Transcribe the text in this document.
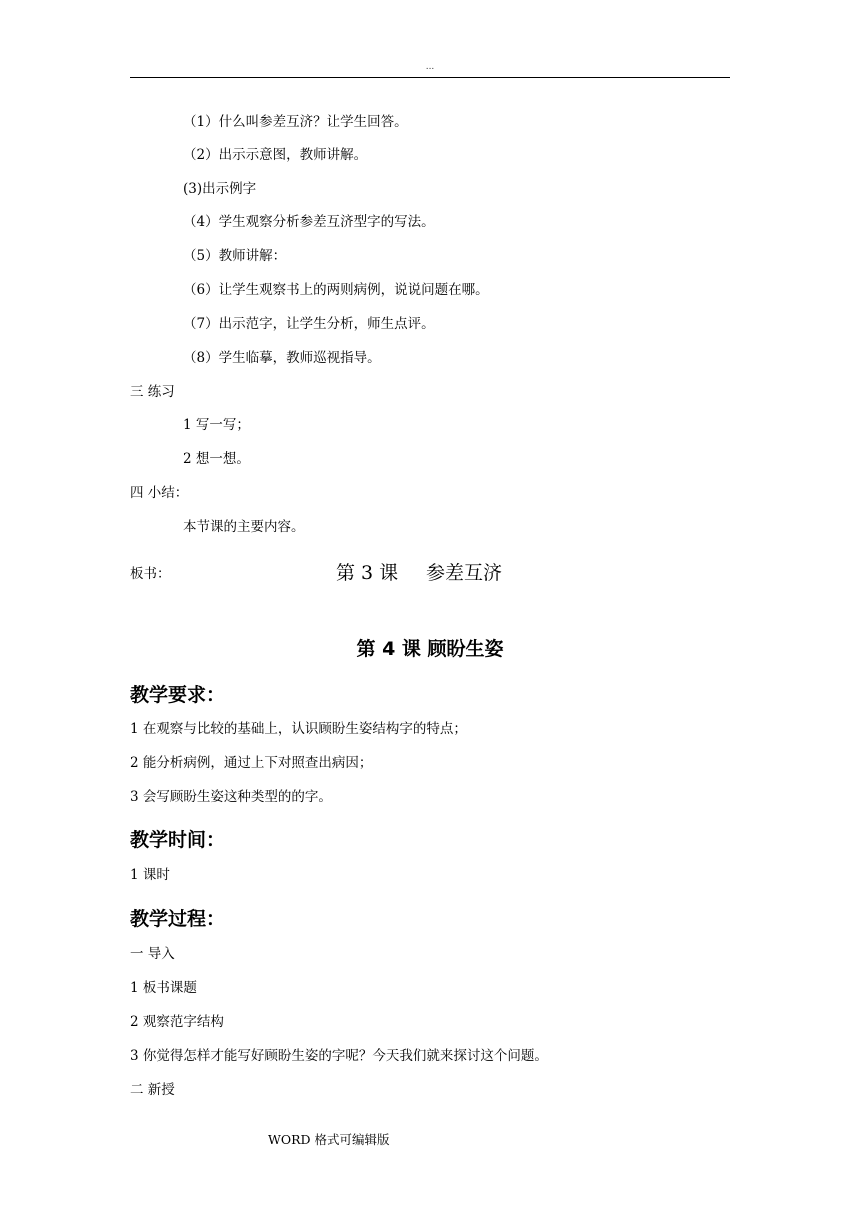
...
（1）什么叫参差互济？让学生回答。
（2）出示示意图，教师讲解。
(3)出示例字
（4）学生观察分析参差互济型字的写法。
（5）教师讲解：
（6）让学生观察书上的两则病例，说说问题在哪。
（7）出示范字，让学生分析，师生点评。
（8）学生临摹，教师巡视指导。
三 练习
1 写一写；
2 想一想。
四 小结：
本节课的主要内容。
板书：	第 3 课 参差互济
第 4 课 顾盼生姿
教学要求：
1 在观察与比较的基础上，认识顾盼生姿结构字的特点；
2 能分析病例，通过上下对照查出病因；
3 会写顾盼生姿这种类型的的字。
教学时间：
1 课时
教学过程：
一 导入
1 板书课题
2 观察范字结构
3 你觉得怎样才能写好顾盼生姿的字呢？今天我们就来探讨这个问题。
二 新授
WORD 格式可编辑版
